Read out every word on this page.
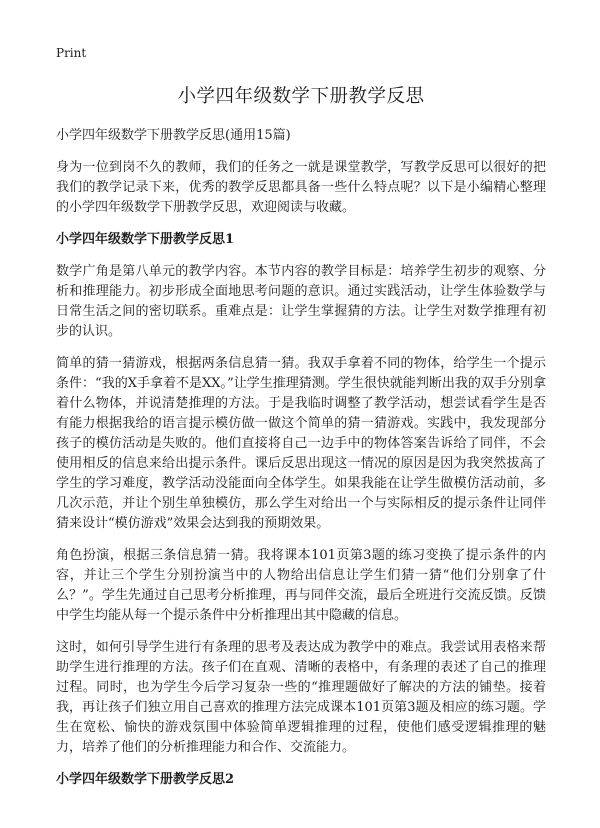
Print
小学四年级数学下册教学反思
小学四年级数学下册教学反思(通用15篇)

身为一位到岗不久的教师，我们的任务之一就是课堂教学，写教学反思可以很好的把我们的教学记录下来，优秀的教学反思都具备一些什么特点呢？以下是小编精心整理的小学四年级数学下册教学反思，欢迎阅读与收藏。

小学四年级数学下册教学反思1

数学广角是第八单元的教学内容。本节内容的教学目标是：培养学生初步的观察、分析和推理能力。初步形成全面地思考问题的意识。通过实践活动，让学生体验数学与日常生活之间的密切联系。重难点是：让学生掌握猜的方法。让学生对数学推理有初步的认识。

简单的猜一猜游戏，根据两条信息猜一猜。我双手拿着不同的物体，给学生一个提示条件：“我的X手拿着不是XX。”让学生推理猜测。学生很快就能判断出我的双手分别拿着什么物体，并说清楚推理的方法。于是我临时调整了教学活动，想尝试看学生是否有能力根据我给的语言提示模仿做一做这个简单的猜一猜游戏。实践中，我发现部分孩子的模仿活动是失败的。他们直接将自己一边手中的物体答案告诉给了同伴，不会使用相反的信息来给出提示条件。课后反思出现这一情况的原因是因为我突然拔高了学生的学习难度，教学活动没能面向全体学生。如果我能在让学生做模仿活动前，多几次示范，并让个别生单独模仿，那么学生对给出一个与实际相反的提示条件让同伴猜来设计“模仿游戏”效果会达到我的预期效果。

角色扮演，根据三条信息猜一猜。我将课本101页第3题的练习变换了提示条件的内容，并让三个学生分别扮演当中的人物给出信息让学生们猜一猜“他们分别拿了什么？”。学生先通过自己思考分析推理，再与同伴交流，最后全班进行交流反馈。反馈中学生均能从每一个提示条件中分析推理出其中隐藏的信息。

这时，如何引导学生进行有条理的思考及表达成为教学中的难点。我尝试用表格来帮助学生进行推理的方法。孩子们在直观、清晰的表格中，有条理的表述了自己的推理过程。同时，也为学生今后学习复杂一些的“推理题做好了解决的方法的铺垫。接着我，再让孩子们独立用自己喜欢的推理方法完成课本101页第3题及相应的练习题。学生在宽松、愉快的游戏氛围中体验简单逻辑推理的过程，使他们感受逻辑推理的魅力，培养了他们的分析推理能力和合作、交流能力。

小学四年级数学下册教学反思2
